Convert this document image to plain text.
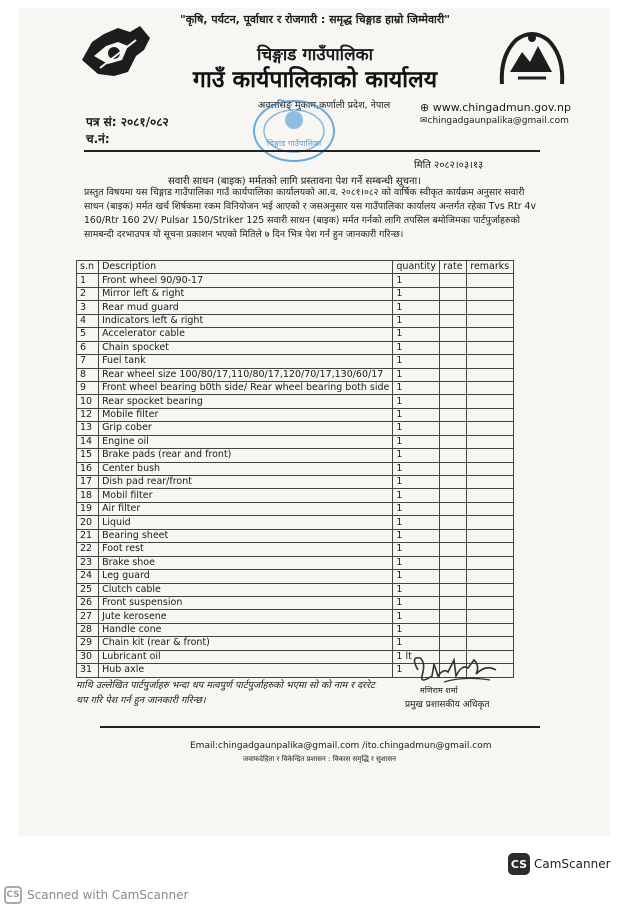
"कृषि, पर्यटन, पूर्वाधार र रोजगारी : समृद्ध चिङ्गाड हाम्रो जिम्मेवारी"
चिङ्गाड गाउँपालिका
गाउँ कार्यपालिकाको कार्यालय
अवलसिङ् मुकाम,कर्णाली प्रदेश, नेपाल	⊕ www.chingadmun.gov.np
✉chingadgaunpalika@gmail.com
पत्र सं: २०८१/०८२
च.नं:	चिङ्गाड गाउँपालिका
मिति २०८२।०३।१३
सवारी साधन (बाइक) मर्मतको लागि प्रस्तावना पेश गर्ने सम्बन्धी सूचना।
प्रस्तुत विषयमा यस चिङ्गाड गाउँपालिका गाउँ कार्यपालिका कार्यालयको आ.व. २०८१।०८२ को वार्षिक स्वीकृत कार्यक्रम अनुसार सवारी साधन (बाइक) मर्मत खर्च शिर्षकमा रकम विनियोजन भई आएको र जसअनुसार यस गाउँपालिका कार्यालय अन्तर्गत रहेका Tvs Rtr 4v 160/Rtr 160 2V/ Pulsar 150/Striker 125 सवारी साधन (बाइक) मर्मत गर्नको लागि तपसिल बमोजिमका पार्टपुर्जाहरुको सामबन्दी दरभाउपत्र यो सूचना प्रकाशन भएको मितिले ७ दिन भित्र पेश गर्न हुन जानकारी गरिन्छ।
s.n	Description	quantity	rate	remarks
1	Front wheel 90/90-17	1		
2	Mirror left & right	1		
3	Rear mud guard	1		
4	Indicators left & right	1		
5	Accelerator cable	1		
6	Chain spocket	1		
7	Fuel tank	1		
8	Rear wheel size 100/80/17,110/80/17,120/70/17,130/60/17	1		
9	Front wheel bearing b0th side/ Rear wheel bearing both side	1		
10	Rear spocket bearing	1		
12	Mobile filter	1		
13	Grip cober	1		
14	Engine oil	1		
15	Brake pads (rear and front)	1		
16	Center bush	1		
17	Dish pad rear/front	1		
18	Mobil filter	1		
19	Air filter	1		
20	Liquid	1		
21	Bearing sheet	1		
22	Foot rest	1		
23	Brake shoe	1		
24	Leg guard	1		
25	Clutch cable	1		
26	Front suspension	1		
27	Jute kerosene	1		
28	Handle cone	1		
29	Chain kit (rear & front)	1		
30	Lubricant oil	1 lt		
31	Hub axle	1		
माथि उल्लेखित पार्टपुर्जाहरु भन्दा थप मत्वपुर्ण पार्टपुर्जाहरुको भएमा सो को नाम र दररेट थप गरि पेश गर्न हुन जानकारी गरिन्छ।
मणिराम शर्मा
प्रमुख प्रशासकीय अधिकृत
Email:chingadgaunpalika@gmail.com /ito.chingadmun@gmail.com
जवाफदेहिता र विकेन्द्रित प्रशासन : विकास समृद्धि र सुशासन
CS CamScanner
CS Scanned with CamScanner
